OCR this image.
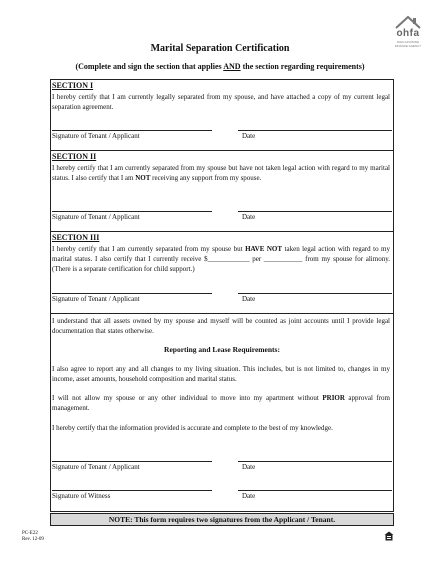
ohfa
OHIO HOUSING FINANCE AGENCY
Marital Separation Certification
(Complete and sign the section that applies AND the section regarding requirements)
SECTION I
I hereby certify that I am currently legally separated from my spouse, and have attached a copy of my current legal separation agreement.
Signature of Tenant / Applicant	Date
SECTION II
I hereby certify that I am currently separated from my spouse but have not taken legal action with regard to my marital status. I also certify that I am NOT receiving any support from my spouse.
Signature of Tenant / Applicant	Date
SECTION III
I hereby certify that I am currently separated from my spouse but HAVE NOT taken legal action with regard to my marital status. I also certify that I currently receive $____________ per ___________ from my spouse for alimony. (There is a separate certification for child support.)
Signature of Tenant / Applicant	Date
I understand that all assets owned by my spouse and myself will be counted as joint accounts until I provide legal documentation that states otherwise.
Reporting and Lease Requirements:
I also agree to report any and all changes to my living situation. This includes, but is not limited to, changes in my income, asset amounts, household composition and marital status.
I will not allow my spouse or any other individual to move into my apartment without PRIOR approval from management.
I hereby certify that the information provided is accurate and complete to the best of my knowledge.
Signature of Tenant / Applicant	Date
Signature of Witness	Date
NOTE: This form requires two signatures from the Applicant / Tenant.
PC-E22
Rev. 12-09
